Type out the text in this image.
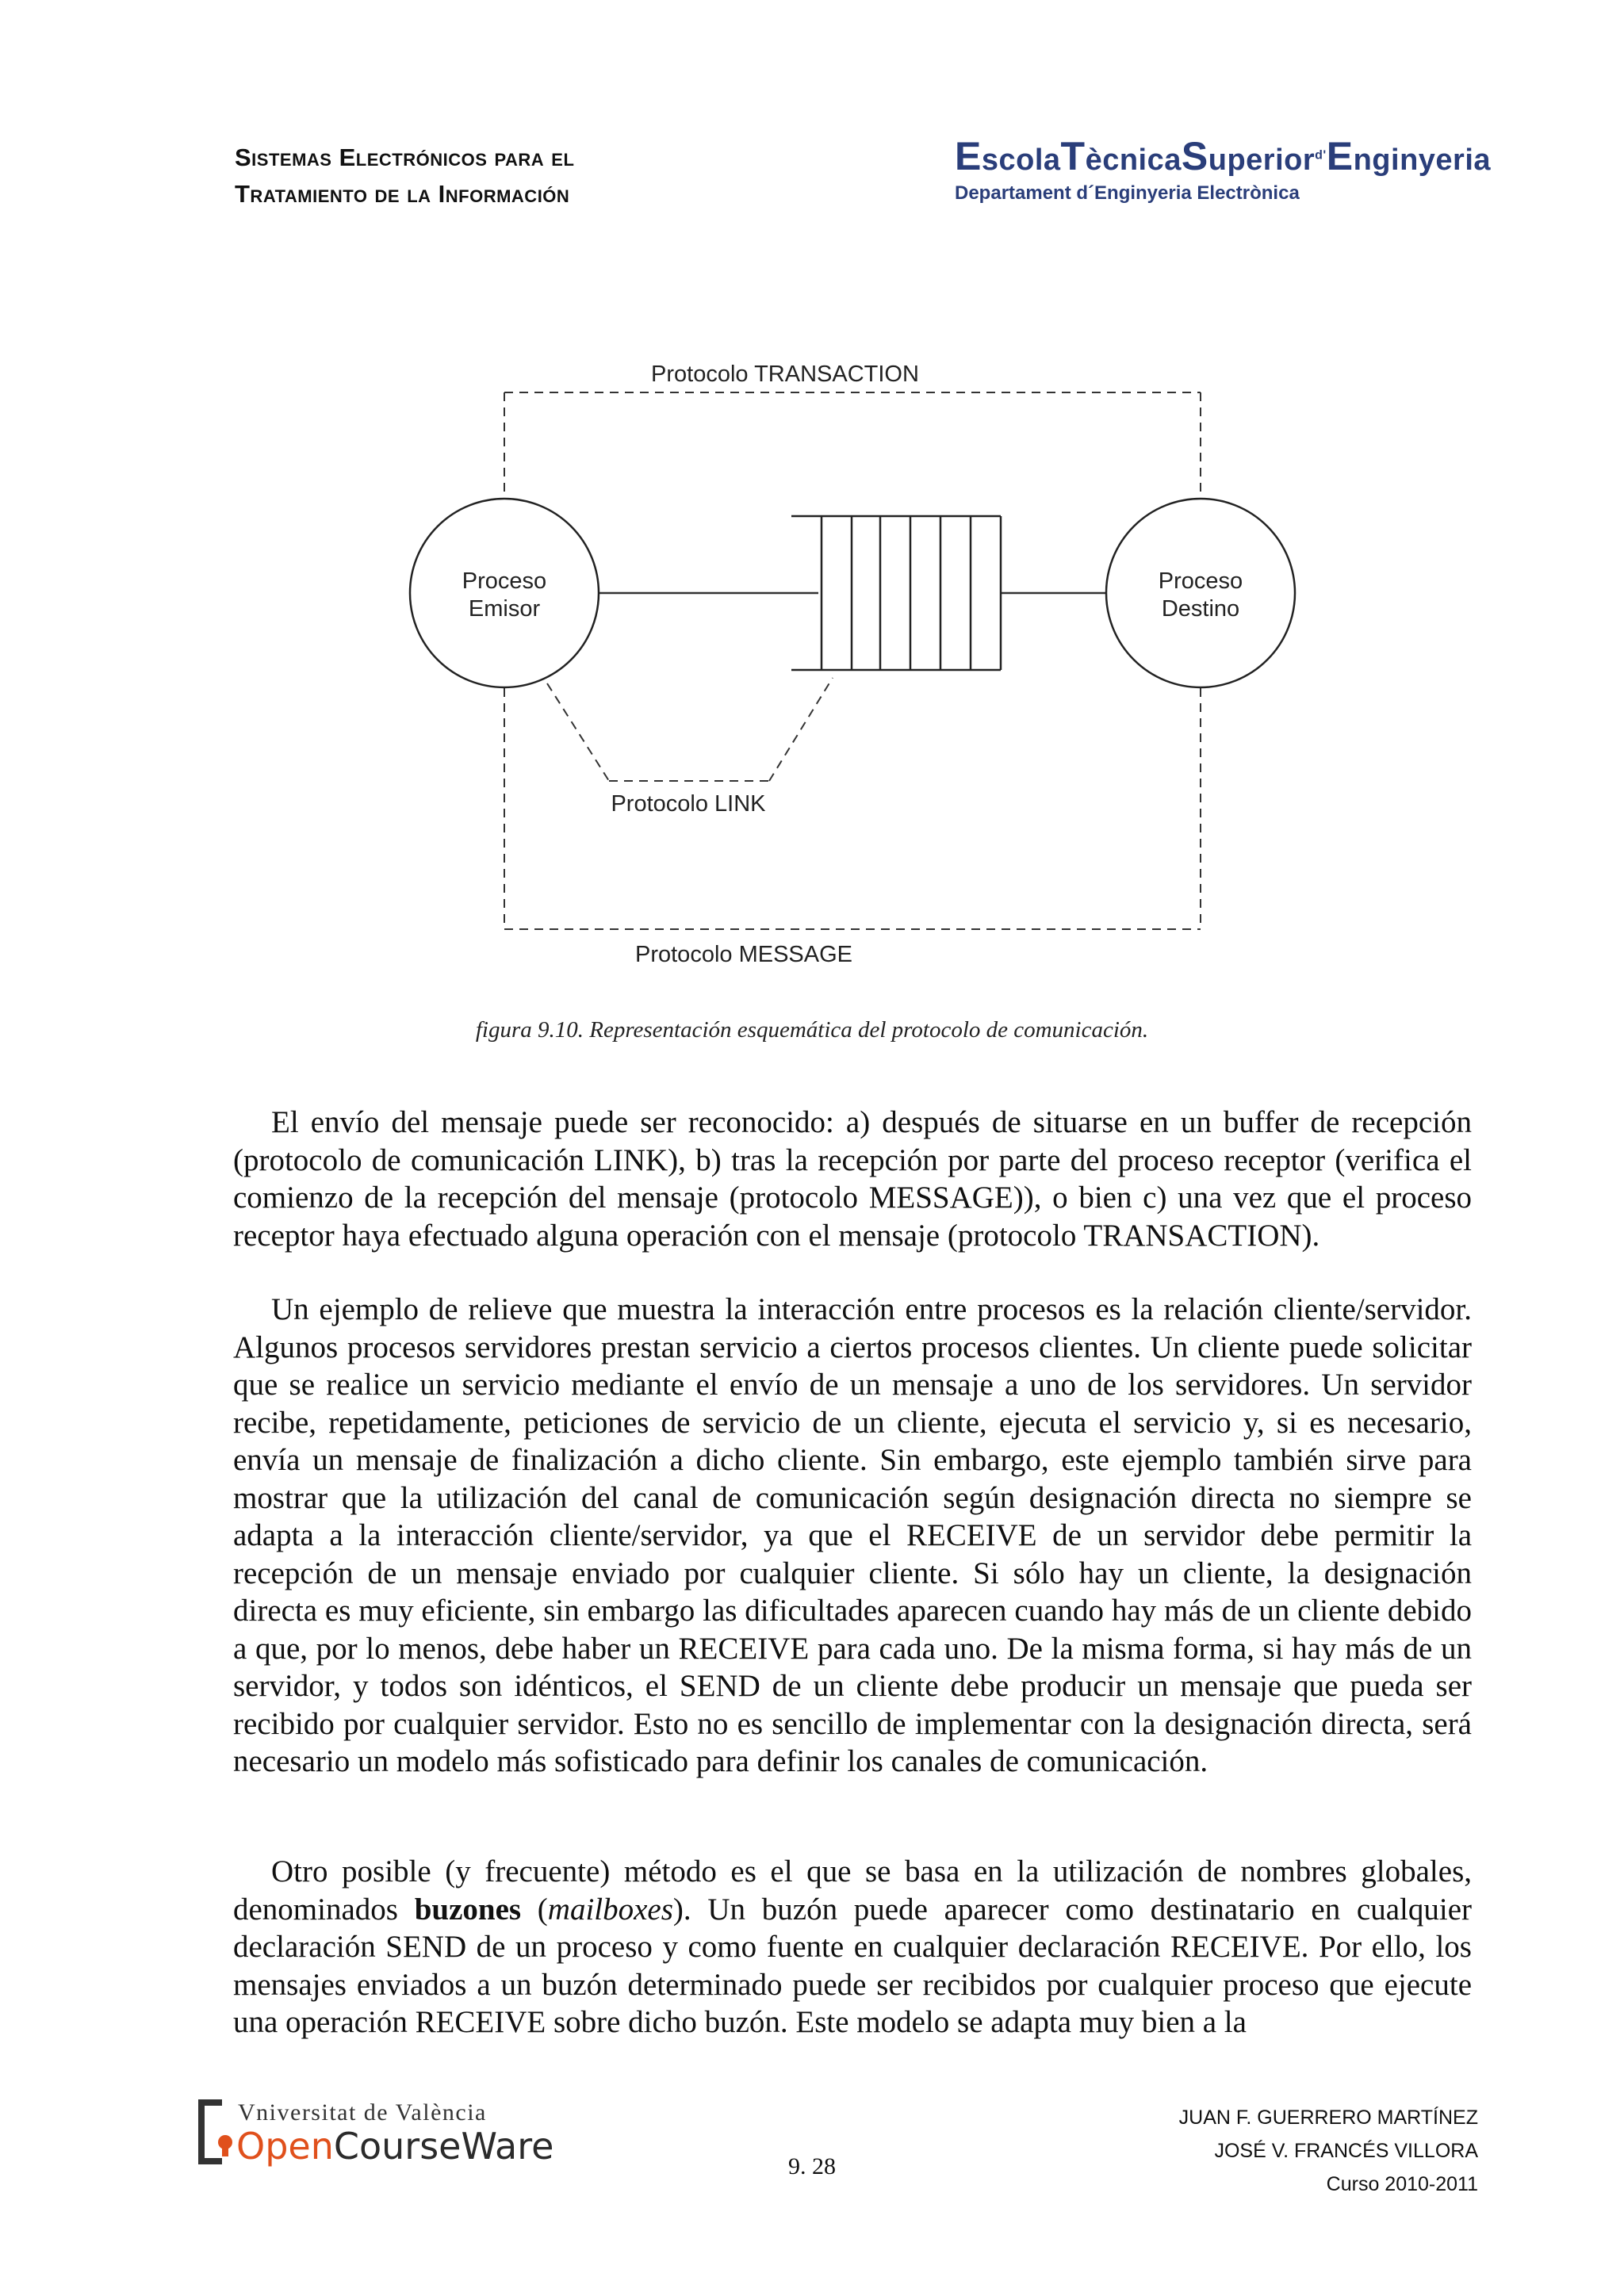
Sistemas Electrónicos para el
Tratamiento de la Información
EscolaTècnicaSuperior$^{d'}$Enginyeria
Departament d´Enginyeria Electrònica
Protocolo TRANSACTION
Proceso
Emisor
Proceso
Destino
Protocolo LINK
Protocolo MESSAGE
figura 9.10. Representación esquemática del protocolo de comunicación.

El envío del mensaje puede ser reconocido: a) después de situarse en un buffer de recepción (protocolo de comunicación LINK), b) tras la recepción por parte del proceso receptor (verifica el comienzo de la recepción del mensaje (protocolo MESSAGE)), o bien c) una vez que el proceso receptor haya efectuado alguna operación con el mensaje (protocolo TRANSACTION).

Un ejemplo de relieve que muestra la interacción entre procesos es la relación cliente/servidor. Algunos procesos servidores prestan servicio a ciertos procesos clientes. Un cliente puede solicitar que se realice un servicio mediante el envío de un mensaje a uno de los servidores. Un servidor recibe, repetidamente, peticiones de servicio de un cliente, ejecuta el servicio y, si es necesario, envía un mensaje de finalización a dicho cliente. Sin embargo, este ejemplo también sirve para mostrar que la utilización del canal de comunicación según designación directa no siempre se adapta a la interacción cliente/servidor, ya que el RECEIVE de un servidor debe permitir la recepción de un mensaje enviado por cualquier cliente. Si sólo hay un cliente, la designación directa es muy eficiente, sin embargo las dificultades aparecen cuando hay más de un cliente debido a que, por lo menos, debe haber un RECEIVE para cada uno. De la misma forma, si hay más de un servidor, y todos son idénticos, el SEND de un cliente debe producir un mensaje que pueda ser recibido por cualquier servidor. Esto no es sencillo de implementar con la designación directa, será necesario un modelo más sofisticado para definir los canales de comunicación.

Otro posible (y frecuente) método es el que se basa en la utilización de nombres globales, denominados buzones (mailboxes). Un buzón puede aparecer como destinatario en cualquier declaración SEND de un proceso y como fuente en cualquier declaración RECEIVE. Por ello, los mensajes enviados a un buzón determinado puede ser recibidos por cualquier proceso que ejecute una operación RECEIVE sobre dicho buzón. Este modelo se adapta muy bien a la

Vniversitat de València
OpenCourseWare
JUAN F. GUERRERO MARTÍNEZ
JOSÉ V. FRANCÉS VILLORA
Curso 2010-2011
9. 28
